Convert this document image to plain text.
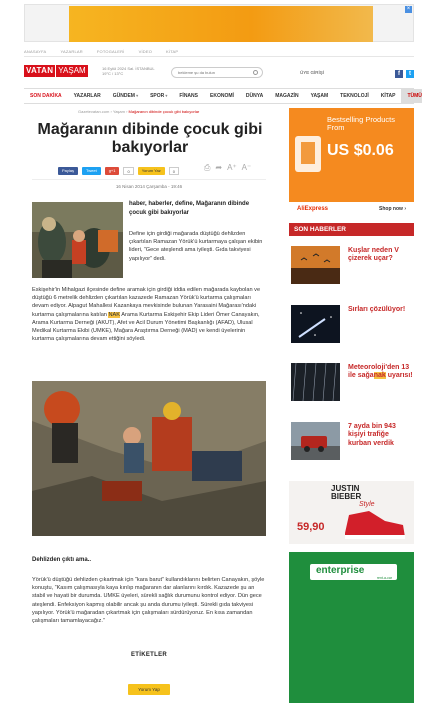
×
ANASAYFA	YAZARLAR	FOTOGALERİ	VİDEO	KİTAP
VATAN YAŞAM	16 Eylül 2024 Sal. İSTANBUL 19°C / 13°C
bekleme şu da bulun	ÜYE GİRİŞİ	f	t
SON DAKİKA	YAZARLAR	GÜNDEM ▾	SPOR ▾	FİNANS	EKONOMİ	DÜNYA	MAGAZİN	YAŞAM	TEKNOLOJİ	KİTAP	TÜMÜ
Gazetevatan.com › Yaşam › Mağaranın dibinde çocuk gibi bakıyorlar
Mağaranın dibinde çocuk gibi bakıyorlar
Paylaş	Tweet	g+1	0	Yorum Yaz	0	⎙ ➦ A⁺ A⁻
16 Nisan 2014 Çarşamba - 19:46
haber, haberler, define, Mağaranın dibinde çocuk gibi bakıyorlar
Define için girdiği mağarada düştüğü dehlizden çıkartılan Ramazan Yörük'ü kurtarmaya çalışan ekibin lideri, “Gece ateşlendi ama iyileşti. Gıda takviyesi yapılıyor” dedi.

Eskişehir'in Mihalgazi ilçesinde define aramak için girdiği iddia edilen mağarada kaybolan ve düştüğü 6 metrelik dehlizden çıkartılan kazazede Ramazan Yörük'ü kurtarma çalışmaları devam ediyor. Alpagut Mahallesi Kazankaya mevkisinde bulunan Yarasaini Mağarası'ndaki kurtarma çalışmalarına katılan NAK Arama Kurtarma Eskişehir Ekip Lideri Ömer Canayakın, Arama Kurtarma Derneği (AKUT), Afet ve Acil Durum Yönetimi Başkanlığı (AFAD), Ulusal Medikal Kurtarma Ekibi (UMKE), Mağara Araştırma Derneği (MAD) ve kendi üyelerinin kurtarma çalışmalarına devam ettiğini söyledi.

Dehlizden çıktı ama..

Yörük'ü düştüğü dehlizden çıkartmak için “kara barut” kullandıklarını belirten Canayakın, şöyle konuştu, “Kasım çalışmasıyla kaya kırılıp mağaranın dar alanlarını kırdık. Kazazede şu an stabil ve hayati bir durumda. UMKE üyeleri, sürekli sağlık durumunu kontrol ediyor. Dün gece ateşlendi. Enfeksiyon kapmış olabilir ancak şu anda durumu iyileşti. Sürekli gıda takviyesi yapılıyor. Yörük'ü mağaradan çıkartmak için çalışmaları sürdürüyoruz. En kısa zamandan çalışmaları tamamlayacağız.”

ETİKETLER
Yorum Yap
Bestselling Products From
US $0.06
AliExpress	Shop now ›
SON HABERLER
Kuşlar neden V çizerek uçar?
Sırları çözülüyor!
Meteoroloji'den 13 ile sağanak uyarısı!
7 ayda bin 943 kişiyi trafiğe kurban verdik
JUSTIN
BIEBER
Style
59,90
enterprise
rent-a-car
